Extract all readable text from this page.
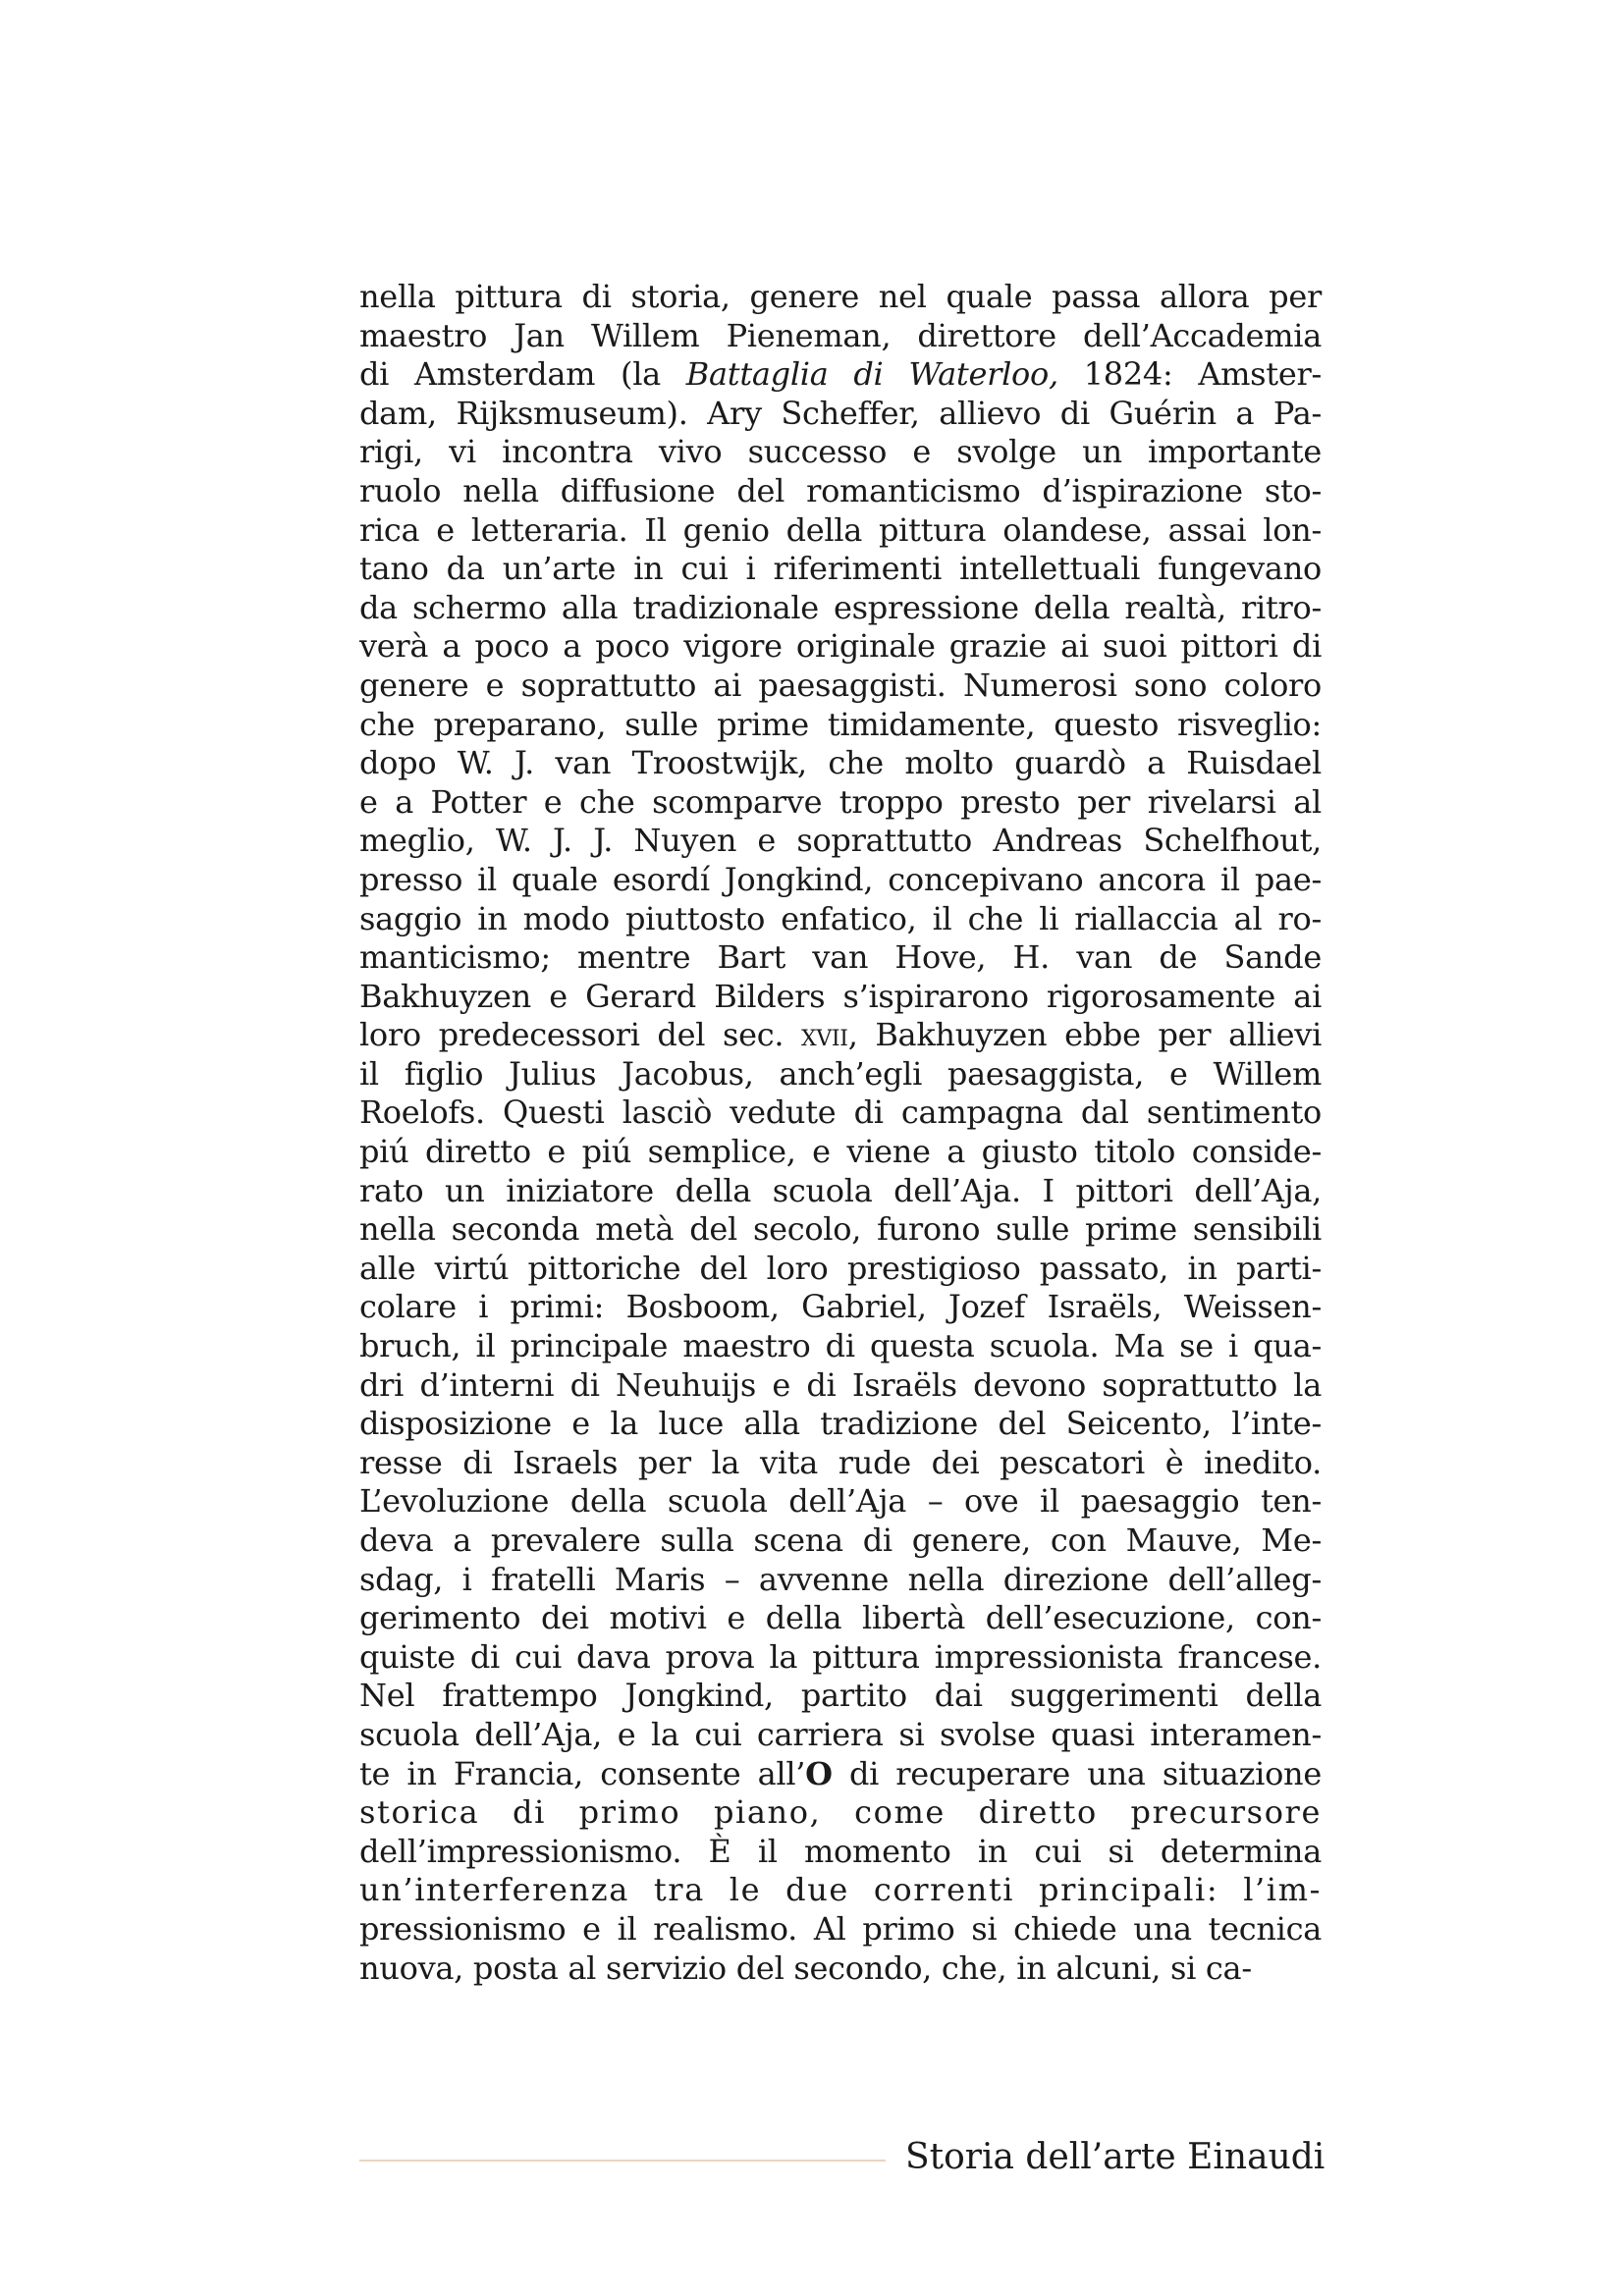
nella pittura di storia, genere nel quale passa allora per
maestro Jan Willem Pieneman, direttore dell’Accademia
di Amsterdam (la Battaglia di Waterloo, 1824: Amster-
dam, Rijksmuseum). Ary Scheffer, allievo di Guérin a Pa-
rigi, vi incontra vivo successo e svolge un importante
ruolo nella diffusione del romanticismo d’ispirazione sto-
rica e letteraria. Il genio della pittura olandese, assai lon-
tano da un’arte in cui i riferimenti intellettuali fungevano
da schermo alla tradizionale espressione della realtà, ritro-
verà a poco a poco vigore originale grazie ai suoi pittori di
genere e soprattutto ai paesaggisti. Numerosi sono coloro
che preparano, sulle prime timidamente, questo risveglio:
dopo W. J. van Troostwijk, che molto guardò a Ruisdael
e a Potter e che scomparve troppo presto per rivelarsi al
meglio, W. J. J. Nuyen e soprattutto Andreas Schelfhout,
presso il quale esordí Jongkind, concepivano ancora il pae-
saggio in modo piuttosto enfatico, il che li riallaccia al ro-
manticismo; mentre Bart van Hove, H. van de Sande
Bakhuyzen e Gerard Bilders s’ispirarono rigorosamente ai
loro predecessori del sec. xvii, Bakhuyzen ebbe per allievi
il figlio Julius Jacobus, anch’egli paesaggista, e Willem
Roelofs. Questi lasciò vedute di campagna dal sentimento
piú diretto e piú semplice, e viene a giusto titolo conside-
rato un iniziatore della scuola dell’Aja. I pittori dell’Aja,
nella seconda metà del secolo, furono sulle prime sensibili
alle virtú pittoriche del loro prestigioso passato, in parti-
colare i primi: Bosboom, Gabriel, Jozef Israëls, Weissen-
bruch, il principale maestro di questa scuola. Ma se i qua-
dri d’interni di Neuhuijs e di Israëls devono soprattutto la
disposizione e la luce alla tradizione del Seicento, l’inte-
resse di Israels per la vita rude dei pescatori è inedito.
L’evoluzione della scuola dell’Aja – ove il paesaggio ten-
deva a prevalere sulla scena di genere, con Mauve, Me-
sdag, i fratelli Maris – avvenne nella direzione dell’alleg-
gerimento dei motivi e della libertà dell’esecuzione, con-
quiste di cui dava prova la pittura impressionista francese.
Nel frattempo Jongkind, partito dai suggerimenti della
scuola dell’Aja, e la cui carriera si svolse quasi interamen-
te in Francia, consente all’O di recuperare una situazione
storica di primo piano, come diretto precursore
dell’impressionismo. È il momento in cui si determina
un’interferenza tra le due correnti principali: l’im-
pressionismo e il realismo. Al primo si chiede una tecnica
nuova, posta al servizio del secondo, che, in alcuni, si ca-
Storia dell’arte Einaudi
